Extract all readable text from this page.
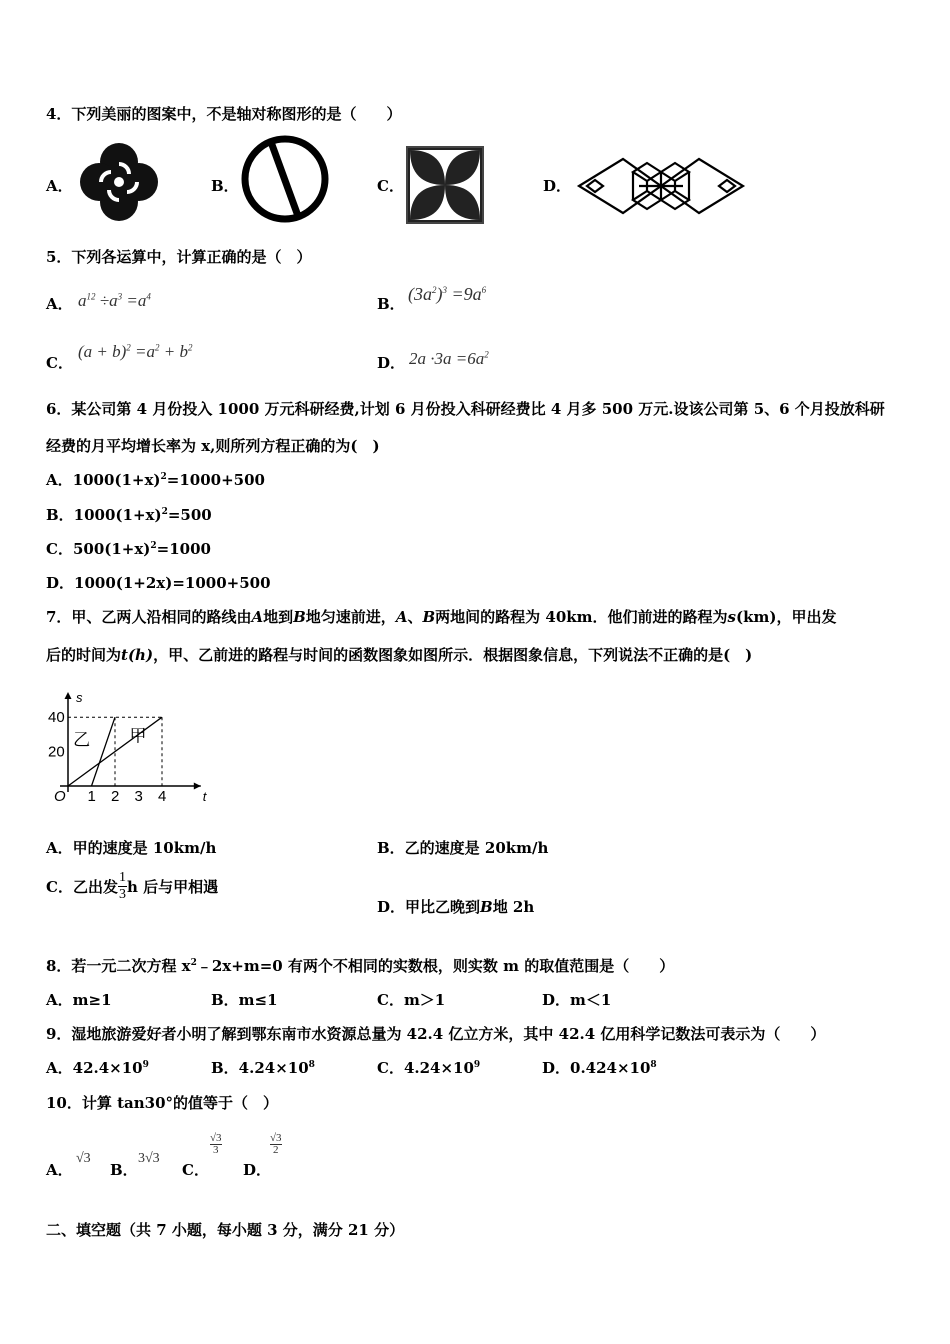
4．下列美丽的图案中，不是轴对称图形的是（　　）
A．	B．	C．	D．
5．下列各运算中，计算正确的是（　）
A． $a^{12} \div a^3 =a^4$	B． $(3a^2)^3 =9a^6$
C．
$(a + b)^2 =a^2 + b^2$
D． $2a \cdot 3a =6a^2$
6．某公司第 4 月份投入 1000 万元科研经费,计划 6 月份投入科研经费比 4 月多 500 万元.设该公司第 5、6 个月投放科研
经费的月平均增长率为 x,则所列方程正确的为(　)
A．$1000(1+x)^2=1000+500$
B．$1000(1+x)^2=500$
C．$500(1+x)^2=1000$
D．1000(1+2x)=1000+500
7．甲、乙两人沿相同的路线由A地到B地匀速前进，A、B两地间的路程为 40km．他们前进的路程为s(km)，甲出发
后的时间为t(h)，甲、乙前进的路程与时间的函数图象如图所示．根据图象信息，下列说法不正确的是(　)
t
s
O 1 2 3 4
20
40
甲
乙
A．甲的速度是 10km/h	B．乙的速度是 20km/h
C．乙出发 $\frac{1}{3}$ h 后与甲相遇
D．甲比乙晚到B地 2h
8．若一元二次方程 $x^2﹣2x+m=0$ 有两个不相同的实数根，则实数 m 的取值范围是（　　）
A．m≥1	B．m≤1	C．m＞1	D．m＜1
9．湿地旅游爱好者小明了解到鄂东南市水资源总量为 42.4 亿立方米，其中 42.4 亿用科学记数法可表示为（　　）
A．$42.4\times 10^9$	B．$4.24\times 10^8$	C．$4.24\times 10^9$	D．$0.424\times 10^8$
10．计算 tan30°的值等于（　）
A．
√3
B．
3√3
C．
√3
3
D．
√3
2
二、填空题（共 7 小题，每小题 3 分，满分 21 分）
